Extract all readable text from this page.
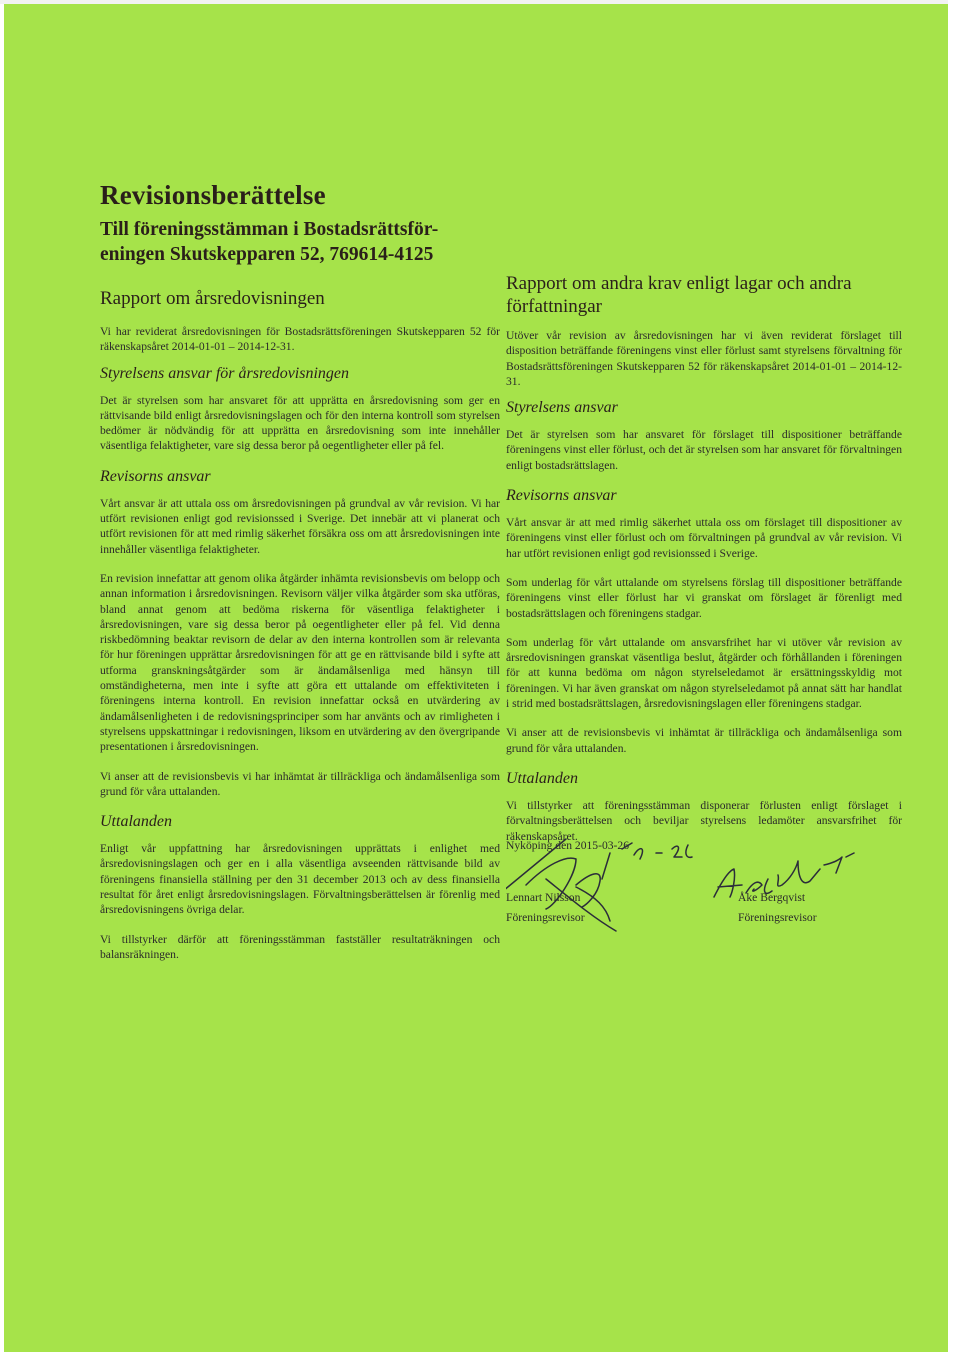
Revisionsberättelse
Till föreningsstämman i Bostadsrättsför-
eningen Skutskepparen 52, 769614-4125
Rapport om årsredovisningen

Vi har reviderat årsredovisningen för Bostadsrättsföreningen Skutskepparen 52 för räkenskapsåret 2014-01-01 – 2014-12-31.

Styrelsens ansvar för årsredovisningen

Det är styrelsen som har ansvaret för att upprätta en årsredovisning som ger en rättvisande bild enligt årsredovisningslagen och för den interna kontroll som styrelsen bedömer är nödvändig för att upprätta en årsredovisning som inte innehåller väsentliga felaktigheter, vare sig dessa beror på oegentligheter eller på fel.

Revisorns ansvar

Vårt ansvar är att uttala oss om årsredovisningen på grundval av vår revision. Vi har utfört revisionen enligt god revisionssed i Sverige. Det innebär att vi planerat och utfört revisionen för att med rimlig säkerhet försäkra oss om att årsredovisningen inte innehåller väsentliga felaktigheter.

En revision innefattar att genom olika åtgärder inhämta revisionsbevis om belopp och annan information i årsredovisningen. Revisorn väljer vilka åtgärder som ska utföras, bland annat genom att bedöma riskerna för väsentliga felaktigheter i årsredovisningen, vare sig dessa beror på oegentligheter eller på fel. Vid denna riskbedömning beaktar revisorn de delar av den interna kontrollen som är relevanta för hur föreningen upprättar årsredovisningen för att ge en rättvisande bild i syfte att utforma granskningsåtgärder som är ändamålsenliga med hänsyn till omständigheterna, men inte i syfte att göra ett uttalande om effektiviteten i föreningens interna kontroll. En revision innefattar också en utvärdering av ändamålsenligheten i de redovisningsprinciper som har använts och av rimligheten i styrelsens uppskattningar i redovisningen, liksom en utvärdering av den övergripande presentationen i årsredovisningen.

Vi anser att de revisionsbevis vi har inhämtat är tillräckliga och ändamålsenliga som grund för våra uttalanden.

Uttalanden

Enligt vår uppfattning har årsredovisningen upprättats i enlighet med årsredovisningslagen och ger en i alla väsentliga avseenden rättvisande bild av föreningens finansiella ställning per den 31 december 2013 och av dess finansiella resultat för året enligt årsredovisningslagen. Förvaltningsberättelsen är förenlig med årsredovisningens övriga delar.

Vi tillstyrker därför att föreningsstämman fastställer resultaträkningen och balansräkningen.

Rapport om andra krav enligt lagar och andra författningar

Utöver vår revision av årsredovisningen har vi även reviderat förslaget till disposition beträffande föreningens vinst eller förlust samt styrelsens förvaltning för Bostadsrättsföreningen Skutskepparen 52 för räkenskapsåret 2014-01-01 – 2014-12-31.

Styrelsens ansvar

Det är styrelsen som har ansvaret för förslaget till dispositioner beträffande föreningens vinst eller förlust, och det är styrelsen som har ansvaret för förvaltningen enligt bostadsrättslagen.

Revisorns ansvar

Vårt ansvar är att med rimlig säkerhet uttala oss om förslaget till dispositioner av föreningens vinst eller förlust och om förvaltningen på grundval av vår revision. Vi har utfört revisionen enligt god revisionssed i Sverige.

Som underlag för vårt uttalande om styrelsens förslag till dispositioner beträffande föreningens vinst eller förlust har vi granskat om förslaget är förenligt med bostadsrättslagen och föreningens stadgar.

Som underlag för vårt uttalande om ansvarsfrihet har vi utöver vår revision av årsredovisningen granskat väsentliga beslut, åtgärder och förhållanden i föreningen för att kunna bedöma om någon styrelseledamot är ersättningsskyldig mot föreningen. Vi har även granskat om någon styrelseledamot på annat sätt har handlat i strid med bostadsrättslagen, årsredovisningslagen eller föreningens stadgar.

Vi anser att de revisionsbevis vi inhämtat är tillräckliga och ändamålsenliga som grund för våra uttalanden.

Uttalanden

Vi tillstyrker att föreningsstämman disponerar förlusten enligt förslaget i förvaltningsberättelsen och beviljar styrelsens ledamöter ansvarsfrihet för räkenskapsåret.

Nyköping den 2015-03-26
Lennart Nilsson
Föreningsrevisor
Åke Bergqvist
Föreningsrevisor
